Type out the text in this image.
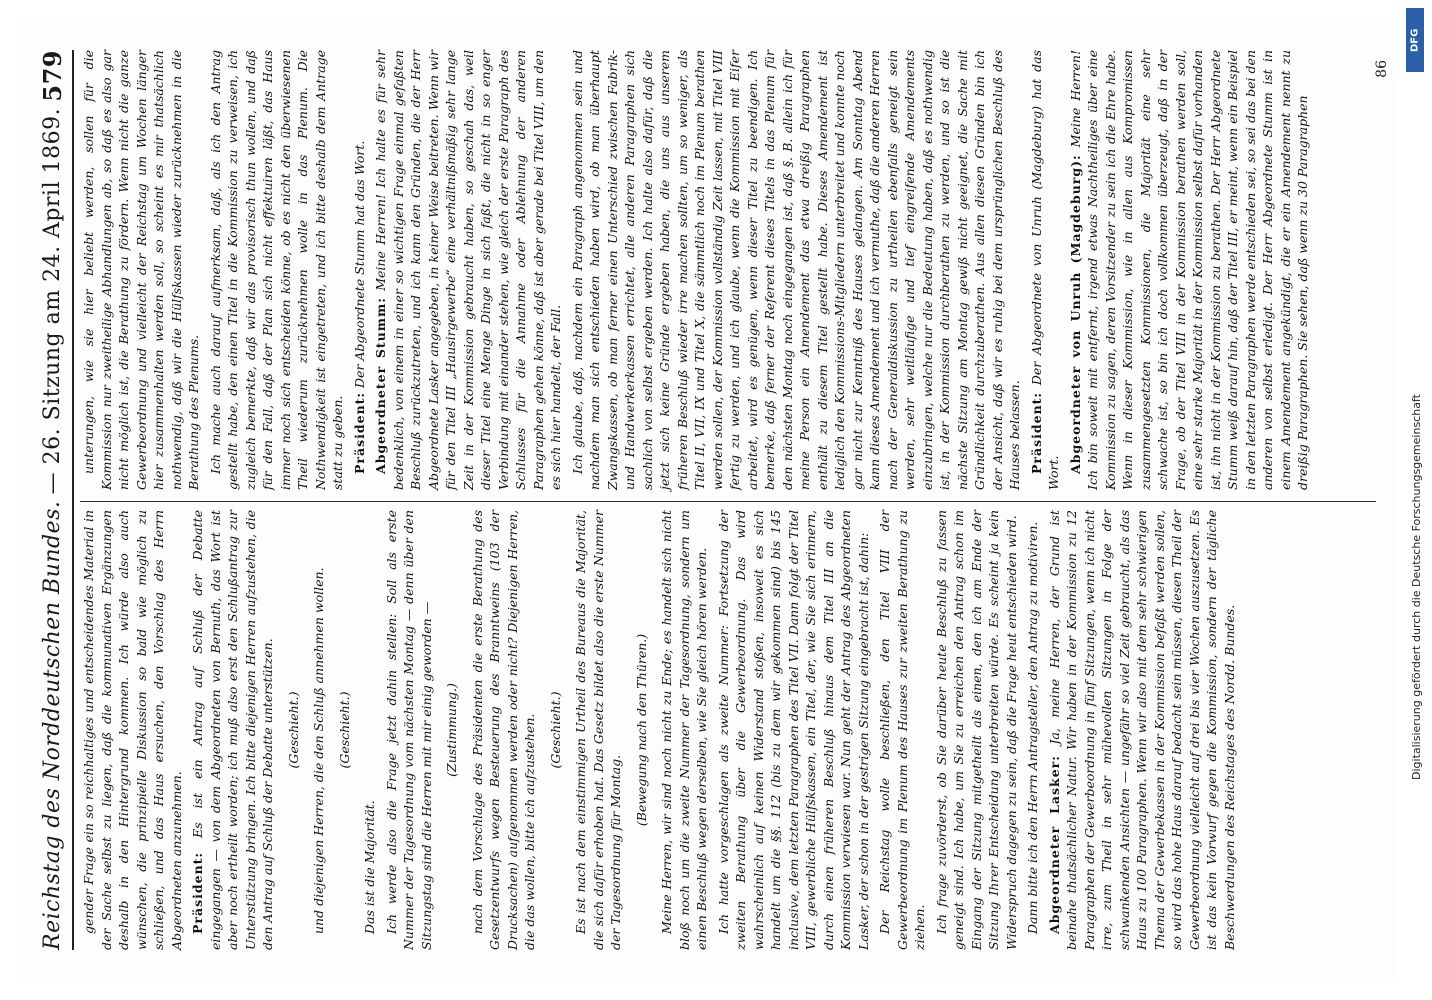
Reichstag des Norddeutschen Bundes.
— 26. Sitzung am 24. April 1869.
579

gender Frage ein so reichhaltiges und entscheidendes Material in der Sache selbst zu liegen, daß die kommunativen Ergänzungen deshalb in den Hintergrund kommen. Ich würde also auch wünschen, die prinzipielle Diskussion so bald wie möglich zu schließen, und das Haus ersuchen, den Vorschlag des Herrn Abgeordneten anzunehmen. Präsident: Es ist ein Antrag auf Schluß der Debatte eingegangen — von dem Abgeordneten von Bernuth, das Wort ist aber noch ertheilt worden; ich muß also erst den Schlußantrag zur Unterstützung bringen. Ich bitte diejenigen Herren aufzustehen, die den Antrag auf Schluß der Debatte unterstützen. (Geschieht.) und diejenigen Herren, die den Schluß annehmen wollen. (Geschieht.)

Das ist die Majorität. Ich werde also die Frage jetzt dahin stellen: Soll als erste Nummer der Tagesordnung vom nächsten Montag — denn über den Sitzungstag sind die Herren mit mir einig geworden — (Zustimmung.) nach dem Vorschlage des Präsidenten die erste Berathung des Gesetzentwurfs wegen Besteuerung des Branntweins (103 der Drucksachen) aufgenommen werden oder nicht? Diejenigen Herren, die das wollen, bitte ich aufzustehen. (Geschieht.) Es ist nach dem einstimmigen Urtheil des Bureaus die Majorität, die sich dafür erhoben hat. Das Gesetz bildet also die erste Nummer der Tagesordnung für Montag.

(Bewegung nach den Thüren.) Meine Herren, wir sind noch nicht zu Ende; es handelt sich nicht bloß noch um die zweite Nummer der Tagesordnung, sondern um einen Beschluß wegen derselben, wie Sie gleich hören werden. Ich hatte vorgeschlagen als zweite Nummer: Fortsetzung der zweiten Berathung über die Gewerbeordnung. Das wird wahrscheinlich auf keinen Widerstand stoßen, insoweit es sich handelt um die §§. 112 (bis zu dem wir gekommen sind) bis 145 inclusive, dem letzten Paragraphen des Titel VII. Dann folgt der Titel VIII, gewerbliche Hülfskassen, ein Titel, der, wie Sie sich erinnern, durch einen früheren Beschluß hinaus dem Titel III an die Kommission verwiesen war. Nun geht der Antrag des Abgeordneten Lasker, der schon in der gestrigen Sitzung eingebracht ist, dahin: Der Reichstag wolle beschließen, den Titel VIII der Gewerbeordnung im Plenum des Hauses zur zweiten Berathung zu ziehen. Ich frage zuvörderst, ob Sie darüber heute Beschluß zu fassen geneigt sind. Ich habe, um Sie zu erreichen den Antrag schon im Eingang der Sitzung mitgetheilt als einen, den ich am Ende der Sitzung Ihrer Entscheidung unterbreiten würde. Es scheint ja kein Widerspruch dagegen zu sein, daß die Frage heut entschieden wird. Dann bitte ich den Herrn Antragsteller, den Antrag zu motiviren. Abgeordneter Lasker: Ja, meine Herren, der Grund ist beinahe thatsächlicher Natur. Wir haben in der Kommission zu 12 Paragraphen der Gewerbeordnung in fünf Sitzungen, wenn ich nicht irre, zum Theil in sehr mühevollen Sitzungen in Folge der schwankenden Ansichten — ungefähr so viel Zeit gebraucht, als das Haus zu 100 Paragraphen. Wenn wir also mit dem sehr schwierigen Thema der Gewerbekassen in der Kommission befaßt werden sollen, so wird das hohe Haus darauf bedacht sein müssen, diesen Theil der Gewerbeordnung vielleicht auf drei bis vier Wochen auszusetzen. Es ist das kein Vorwurf gegen die Kommission, sondern der tägliche Beschwerdungen des Reichstages des Nordd. Bundes.

unterungen, wie sie hier beliebt werden, sollen für die Kommission nur zweitheilige Abhandlungen ab, so daß es also gar nicht möglich ist, die Berathung zu fördern. Wenn nicht die ganze Gewerbeordnung und vielleicht der Reichstag um Wochen länger hier zusammenhalten werden soll, so scheint es mir thatsächlich nothwendig, daß wir die Hülfskassen wieder zurücknehmen in die Berathung des Plenums. Ich mache auch darauf aufmerksam, daß, als ich den Antrag gestellt habe, den einen Titel in die Kommission zu verweisen, ich zugleich bemerkte, daß wir das provisorisch thun wollen, und daß für den Fall, daß der Plan sich nicht effektuiren läßt, das Haus immer noch sich entscheiden könne, ob es nicht den überwiesenen Theil wiederum zurücknehmen wolle in das Plenum. Die Nothwendigkeit ist eingetreten, und ich bitte deshalb dem Antrage statt zu geben. Präsident: Der Abgeordnete Stumm hat das Wort. Abgeordneter Stumm: Meine Herren! Ich halte es für sehr bedenklich, von einem in einer so wichtigen Frage einmal gefaßten Beschluß zurückzutreten, und ich kann den Gründen, die der Herr Abgeordnete Lasker angegeben, in keiner Weise beitreten. Wenn wir für den Titel III „Hausirgewerbe“ eine verhältnißmäßig sehr lange Zeit in der Kommission gebraucht haben, so geschah das, weil dieser Titel eine Menge Dinge in sich faßt, die nicht in so enger Verbindung mit einander stehen, wie gleich der erste Paragraph des Schlusses für die Annahme oder Ablehnung der anderen Paragraphen gehen könne, daß ist aber gerade bei Titel VIII, um den es sich hier handelt, der Fall. Ich glaube, daß, nachdem ein Paragraph angenommen sein und nachdem man sich entschieden haben wird, ob man überhaupt Zwangskassen, ob man ferner einen Unterschied zwischen Fabrik- und Handwerkerkassen errichtet, alle anderen Paragraphen sich sachlich von selbst ergeben werden. Ich halte also dafür, daß die jetzt sich keine Gründe ergeben haben, die uns aus unserem früheren Beschluß wieder irre machen sollten, um so weniger, als Titel II, VII, IX und Titel X, die sämmtlich noch im Plenum berathen werden sollen, der Kommission vollständig Zeit lassen, mit Titel VIII fertig zu werden, und ich glaube, wenn die Kommission mit Eifer arbeitet, wird es genügen, wenn dieser Titel zu beendigen. Ich bemerke, daß ferner der Referent dieses Titels in das Plenum für den nächsten Montag noch eingegangen ist, daß §. B. allein ich für meine Person ein Amendement das etwa dreißig Paragraphen enthält zu diesem Titel gestellt habe. Dieses Amendement ist lediglich den Kommissions-Mitgliedern unterbreitet und konnte noch gar nicht zur Kenntniß des Hauses gelangen. Am Sonntag Abend kann dieses Amendement und ich vermuthe, daß die anderen Herren nach der Generaldiskussion zu urtheilen ebenfalls geneigt sein werden, sehr weitläufige und tief eingreifende Amendements einzubringen, welche nur die Bedeutung haben, daß es nothwendig ist, in der Kommission durchberathen zu werden, und so ist die nächste Sitzung am Montag gewiß nicht geeignet, die Sache mit Gründlichkeit durchzuberathen. Aus allen diesen Gründen bin ich der Ansicht, daß wir es ruhig bei dem ursprünglichen Beschluß des Hauses belassen. Präsident: Der Abgeordnete von Unruh (Magdeburg) hat das Wort. Abgeordneter von Unruh (Magdeburg): Meine Herren! Ich bin soweit mit entfernt, irgend etwas Nachtheiliges über eine Kommission zu sagen, deren Vorsitzender zu sein ich die Ehre habe. Wenn in dieser Kommission, wie in allen aus Kompromissen zusammengesetzten Kommissionen, die Majorität eine sehr schwache ist, so bin ich doch vollkommen überzeugt, daß in der Frage, ob der Titel VIII in der Kommission berathen werden soll, eine sehr starke Majorität in der Kommission selbst dafür vorhanden ist, ihn nicht in der Kommission zu berathen. Der Herr Abgeordnete Stumm weiß darauf hin, daß der Titel III, er meint, wenn ein Beispiel in den letzten Paragraphen werde entschieden sei, so sei das bei den anderen von selbst erledigt. Der Herr Abgeordnete Stumm ist in einem Amendement angekündigt, die er ein Amendement nennt zu dreißig Paragraphen. Sie sehen, daß wenn zu 30 Paragraphen

86
DFG
Digitalisierung gefördert durch die Deutsche Forschungsgemeinschaft
